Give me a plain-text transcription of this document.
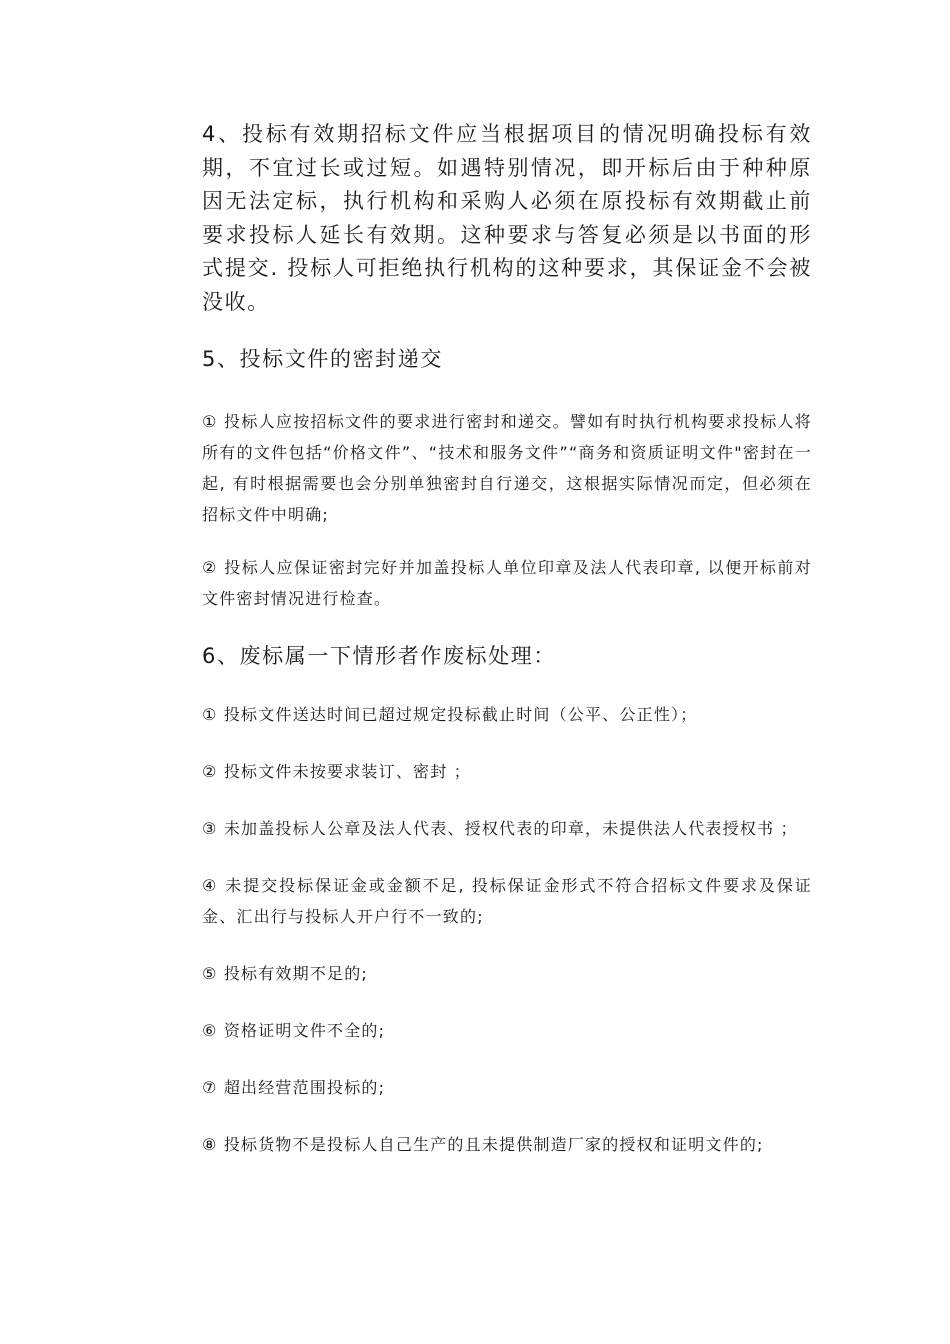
4、投标有效期招标文件应当根据项目的情况明确投标有效期，不宜过长或过短。如遇特别情况，即开标后由于种种原因无法定标，执行机构和采购人必须在原投标有效期截止前要求投标人延长有效期。这种要求与答复必须是以书面的形式提交. 投标人可拒绝执行机构的这种要求，其保证金不会被没收。

5、投标文件的密封递交

① 投标人应按招标文件的要求进行密封和递交。譬如有时执行机构要求投标人将所有的文件包括“价格文件”、“技术和服务文件”“商务和资质证明文件"密封在一起, 有时根据需要也会分别单独密封自行递交，这根据实际情况而定，但必须在招标文件中明确;

② 投标人应保证密封完好并加盖投标人单位印章及法人代表印章, 以便开标前对文件密封情况进行检查。

6、废标属一下情形者作废标处理：

① 投标文件送达时间已超过规定投标截止时间（公平、公正性）；

② 投标文件未按要求装订、密封 ；

③ 未加盖投标人公章及法人代表、授权代表的印章，未提供法人代表授权书 ；

④ 未提交投标保证金或金额不足, 投标保证金形式不符合招标文件要求及保证金、汇出行与投标人开户行不一致的;

⑤ 投标有效期不足的;

⑥ 资格证明文件不全的;

⑦ 超出经营范围投标的;

⑧ 投标货物不是投标人自己生产的且未提供制造厂家的授权和证明文件的;
